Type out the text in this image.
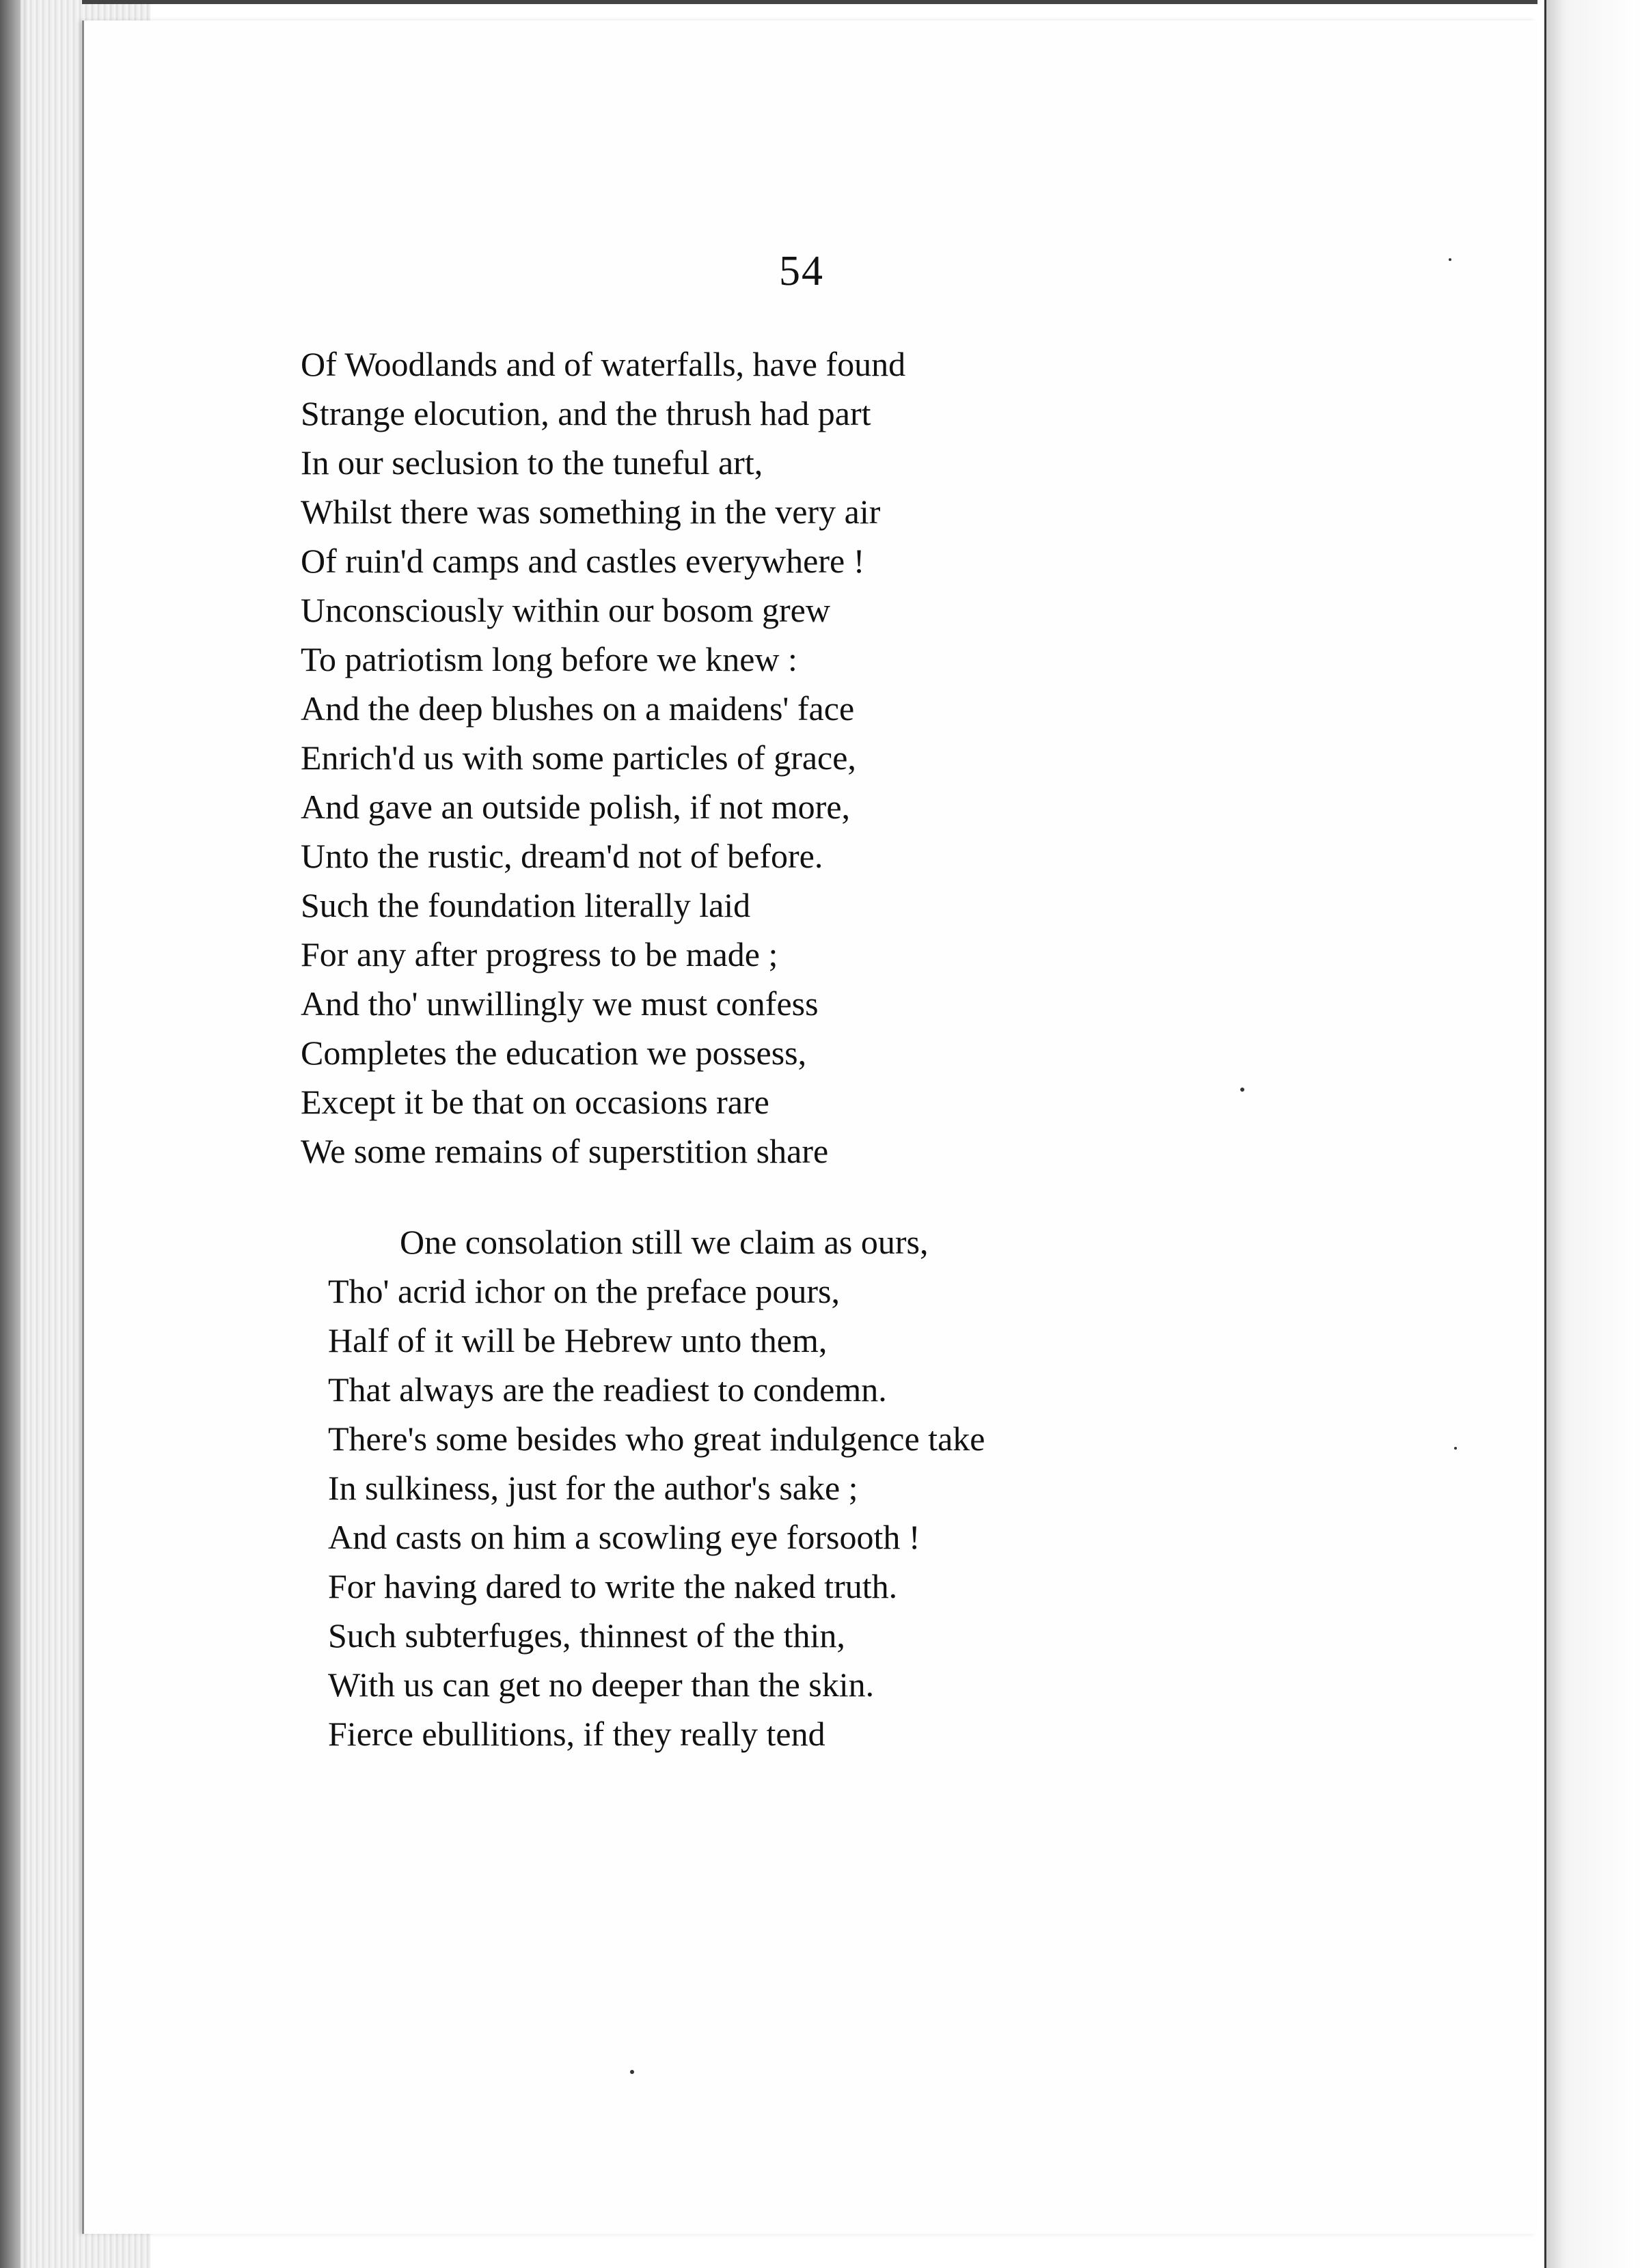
54
Of Woodlands and of waterfalls, have found
Strange elocution, and the thrush had part
In our seclusion to the tuneful art,
Whilst there was something in the very air
Of ruin'd camps and castles everywhere !
Unconsciously within our bosom grew
To patriotism long before we knew :
And the deep blushes on a maidens' face
Enrich'd us with some particles of grace,
And gave an outside polish, if not more,
Unto the rustic, dream'd not of before.
Such the foundation literally laid
For any after progress to be made ;
And tho' unwillingly we must confess
Completes the education we possess,
Except it be that on occasions rare
We some remains of superstition share
One consolation still we claim as ours,
Tho' acrid ichor on the preface pours,
Half of it will be Hebrew unto them,
That always are the readiest to condemn.
There's some besides who great indulgence take
In sulkiness, just for the author's sake ;
And casts on him a scowling eye forsooth !
For having dared to write the naked truth.
Such subterfuges, thinnest of the thin,
With us can get no deeper than the skin.
Fierce ebullitions, if they really tend
